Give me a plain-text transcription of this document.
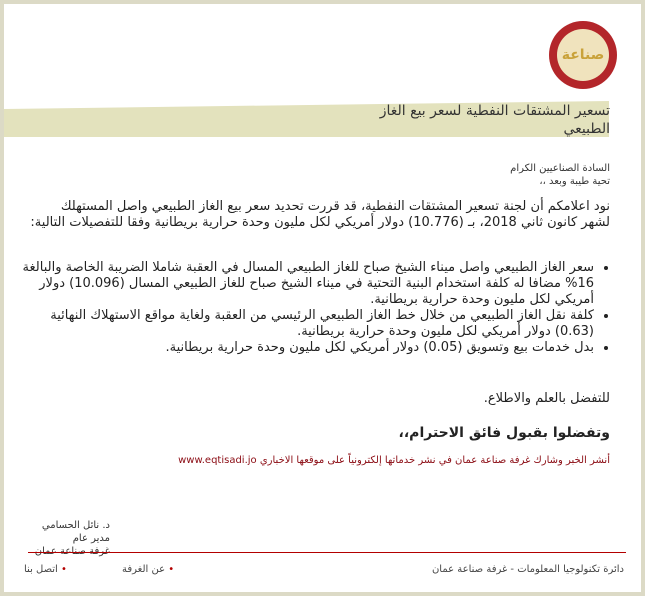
صناعة
تسعير المشتقات النفطية لسعر بيع الغاز الطبيعي
السادة الصناعيين الكرام
تحية طيبة وبعد ،،
نود اعلامكم أن لجنة تسعير المشتقات النفطية، قد قررت تحديد سعر بيع الغاز الطبيعي واصل المستهلك لشهر كانون ثاني 2018، بـ (10.776) دولار أمريكي لكل مليون وحدة حرارية بريطانية وفقا للتفصيلات التالية:
• سعر الغاز الطبيعي واصل ميناء الشيخ صباح للغاز الطبيعي المسال في العقبة شاملا الضريبة الخاصة والبالغة 16% مضافا له كلفة استخدام البنية التحتية في ميناء الشيخ صباح للغاز الطبيعي المسال (10.096) دولار أمريكي لكل مليون وحدة حرارية بريطانية.
• كلفة نقل الغاز الطبيعي من خلال خط الغاز الطبيعي الرئيسي من العقبة ولغاية مواقع الاستهلاك النهائية (0.63) دولار أمريكي لكل مليون وحدة حرارية بريطانية.
• بدل خدمات بيع وتسويق (0.05) دولار أمريكي لكل مليون وحدة حرارية بريطانية.
للتفضل بالعلم والاطلاع.
وتفضلوا بقبول فائق الاحترام،،
أنشر الخبر وشارك غرفة صناعة عمان في نشر خدماتها إلكترونياً على موقعها الاخباري www.eqtisadi.jo
د. نائل الحسامي
مدير عام
دائرة تكنولوجيا المعلومات - غرفة صناعة عمان
• عن الغرفة
• اتصل بنا
